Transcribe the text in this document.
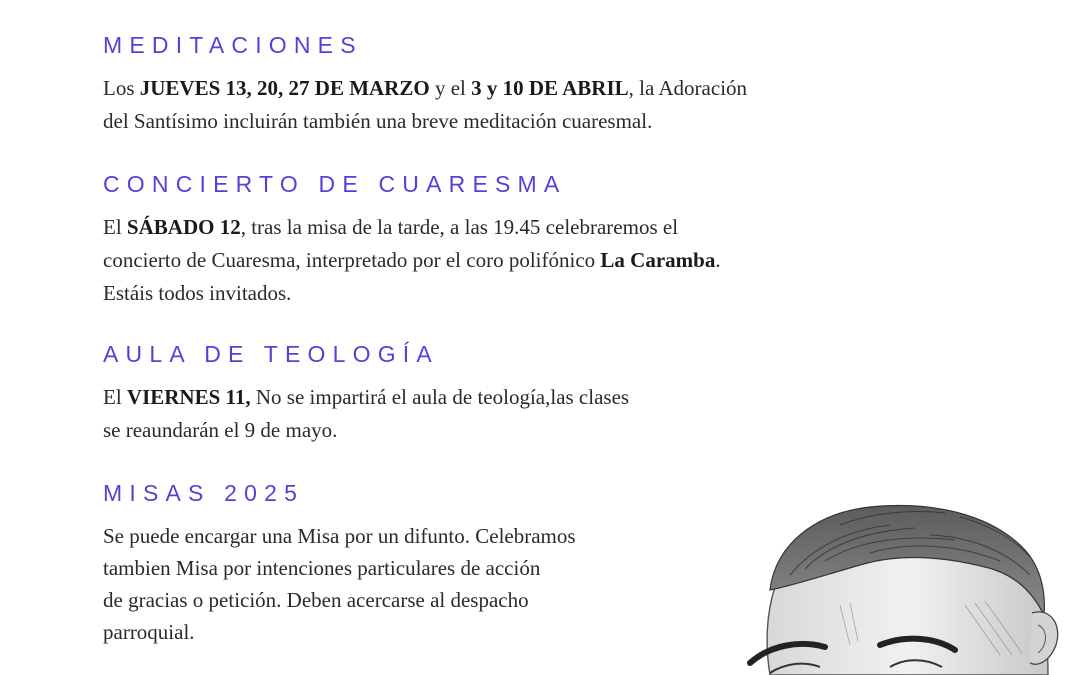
MEDITACIONES
Los JUEVES 13, 20, 27 DE MARZO y el 3 y 10 DE ABRIL, la Adoración
del Santísimo incluirán también una breve meditación cuaresmal.
CONCIERTO DE CUARESMA
El SÁBADO 12, tras la misa de la tarde, a las 19.45 celebraremos el
concierto de Cuaresma, interpretado por el coro polifónico La Caramba.
Estáis todos invitados.
AULA DE TEOLOGÍA
El VIERNES 11, No se impartirá el aula de teología,las clases
se reaundarán el 9 de mayo.
MISAS 2025
Se puede encargar una Misa por un difunto. Celebramos
tambien Misa por intenciones particulares de acción
de gracias o petición. Deben acercarse al despacho
parroquial.
